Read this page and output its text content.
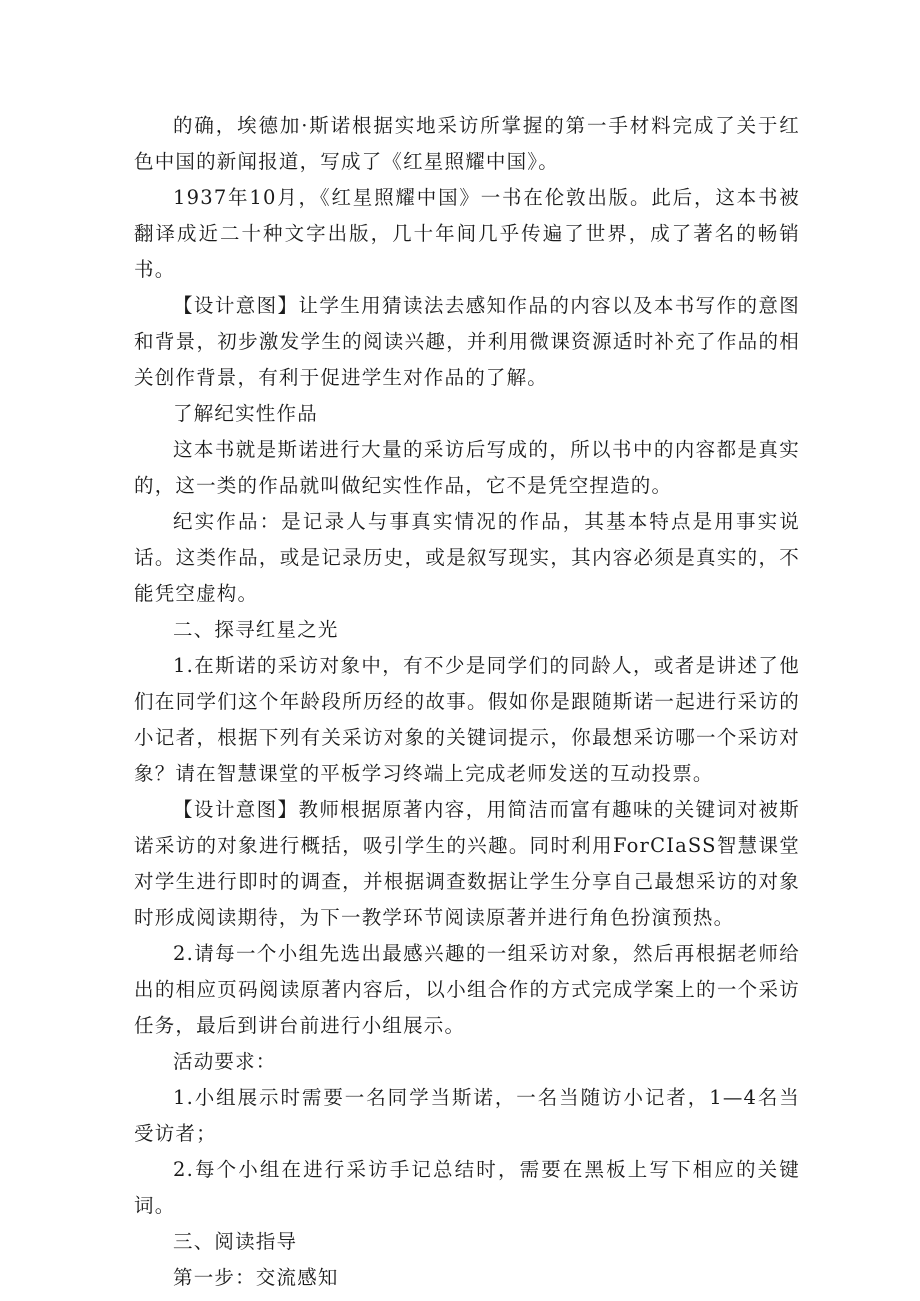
的确，埃德加·斯诺根据实地采访所掌握的第一手材料完成了关于红色中国的新闻报道，写成了《红星照耀中国》。

1937年10月，《红星照耀中国》一书在伦敦出版。此后，这本书被翻译成近二十种文字出版，几十年间几乎传遍了世界，成了著名的畅销书。

【设计意图】让学生用猜读法去感知作品的内容以及本书写作的意图和背景，初步激发学生的阅读兴趣，并利用微课资源适时补充了作品的相关创作背景，有利于促进学生对作品的了解。

了解纪实性作品

这本书就是斯诺进行大量的采访后写成的，所以书中的内容都是真实的，这一类的作品就叫做纪实性作品，它不是凭空捏造的。

纪实作品：是记录人与事真实情况的作品，其基本特点是用事实说话。这类作品，或是记录历史，或是叙写现实，其内容必须是真实的，不能凭空虚构。

二、探寻红星之光

1.在斯诺的采访对象中，有不少是同学们的同龄人，或者是讲述了他们在同学们这个年龄段所历经的故事。假如你是跟随斯诺一起进行采访的小记者，根据下列有关采访对象的关键词提示，你最想采访哪一个采访对象？请在智慧课堂的平板学习终端上完成老师发送的互动投票。

【设计意图】教师根据原著内容，用简洁而富有趣味的关键词对被斯诺采访的对象进行概括，吸引学生的兴趣。同时利用ForCIaSS智慧课堂对学生进行即时的调查，并根据调查数据让学生分享自己最想采访的对象时形成阅读期待，为下一教学环节阅读原著并进行角色扮演预热。

2.请每一个小组先选出最感兴趣的一组采访对象，然后再根据老师给出的相应页码阅读原著内容后，以小组合作的方式完成学案上的一个采访任务，最后到讲台前进行小组展示。

活动要求：

1.小组展示时需要一名同学当斯诺，一名当随访小记者，1—4名当受访者；

2.每个小组在进行采访手记总结时，需要在黑板上写下相应的关键词。

三、阅读指导

第一步：交流感知
